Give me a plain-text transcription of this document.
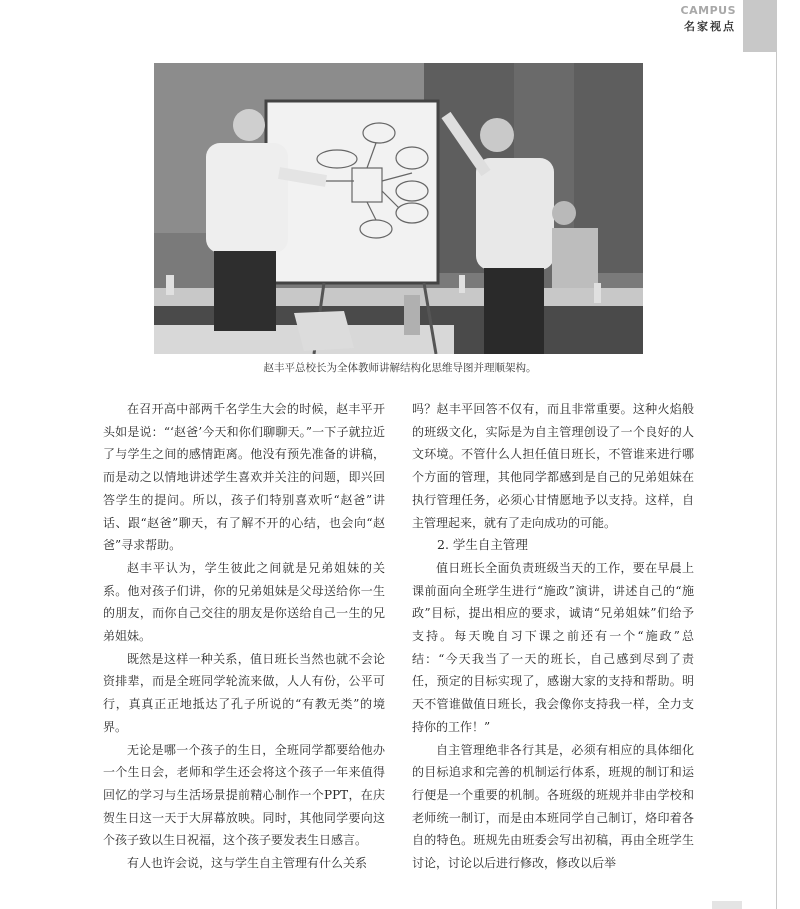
CAMPUS
名家视点
赵丰平总校长为全体教师讲解结构化思维导图并理顺架构。

在召开高中部两千名学生大会的时候，赵丰平开头如是说：“‘赵爸’今天和你们聊聊天。”一下子就拉近了与学生之间的感情距离。他没有预先准备的讲稿，而是动之以情地讲述学生喜欢并关注的问题，即兴回答学生的提问。所以，孩子们特别喜欢听“赵爸”讲话、跟“赵爸”聊天，有了解不开的心结，也会向“赵爸”寻求帮助。

赵丰平认为，学生彼此之间就是兄弟姐妹的关系。他对孩子们讲，你的兄弟姐妹是父母送给你一生的朋友，而你自己交往的朋友是你送给自己一生的兄弟姐妹。

既然是这样一种关系，值日班长当然也就不会论资排辈，而是全班同学轮流来做，人人有份，公平可行，真真正正地抵达了孔子所说的“有教无类”的境界。

无论是哪一个孩子的生日，全班同学都要给他办一个生日会，老师和学生还会将这个孩子一年来值得回忆的学习与生活场景提前精心制作一个PPT，在庆贺生日这一天于大屏幕放映。同时，其他同学要向这个孩子致以生日祝福，这个孩子要发表生日感言。

有人也许会说，这与学生自主管理有什么关系

吗？赵丰平回答不仅有，而且非常重要。这种火焰般的班级文化，实际是为自主管理创设了一个良好的人文环境。不管什么人担任值日班长，不管谁来进行哪个方面的管理，其他同学都感到是自己的兄弟姐妹在执行管理任务，必须心甘情愿地予以支持。这样，自主管理起来，就有了走向成功的可能。

2. 学生自主管理

值日班长全面负责班级当天的工作，要在早晨上课前面向全班学生进行“施政”演讲，讲述自己的“施政”目标，提出相应的要求，诚请“兄弟姐妹”们给予支持。每天晚自习下课之前还有一个“施政”总结：“今天我当了一天的班长，自己感到尽到了责任，预定的目标实现了，感谢大家的支持和帮助。明天不管谁做值日班长，我会像你支持我一样，全力支持你的工作！”

自主管理绝非各行其是，必须有相应的具体细化的目标追求和完善的机制运行体系，班规的制订和运行便是一个重要的机制。各班级的班规并非由学校和老师统一制订，而是由本班同学自己制订，烙印着各自的特色。班规先由班委会写出初稿，再由全班学生讨论，讨论以后进行修改，修改以后举
